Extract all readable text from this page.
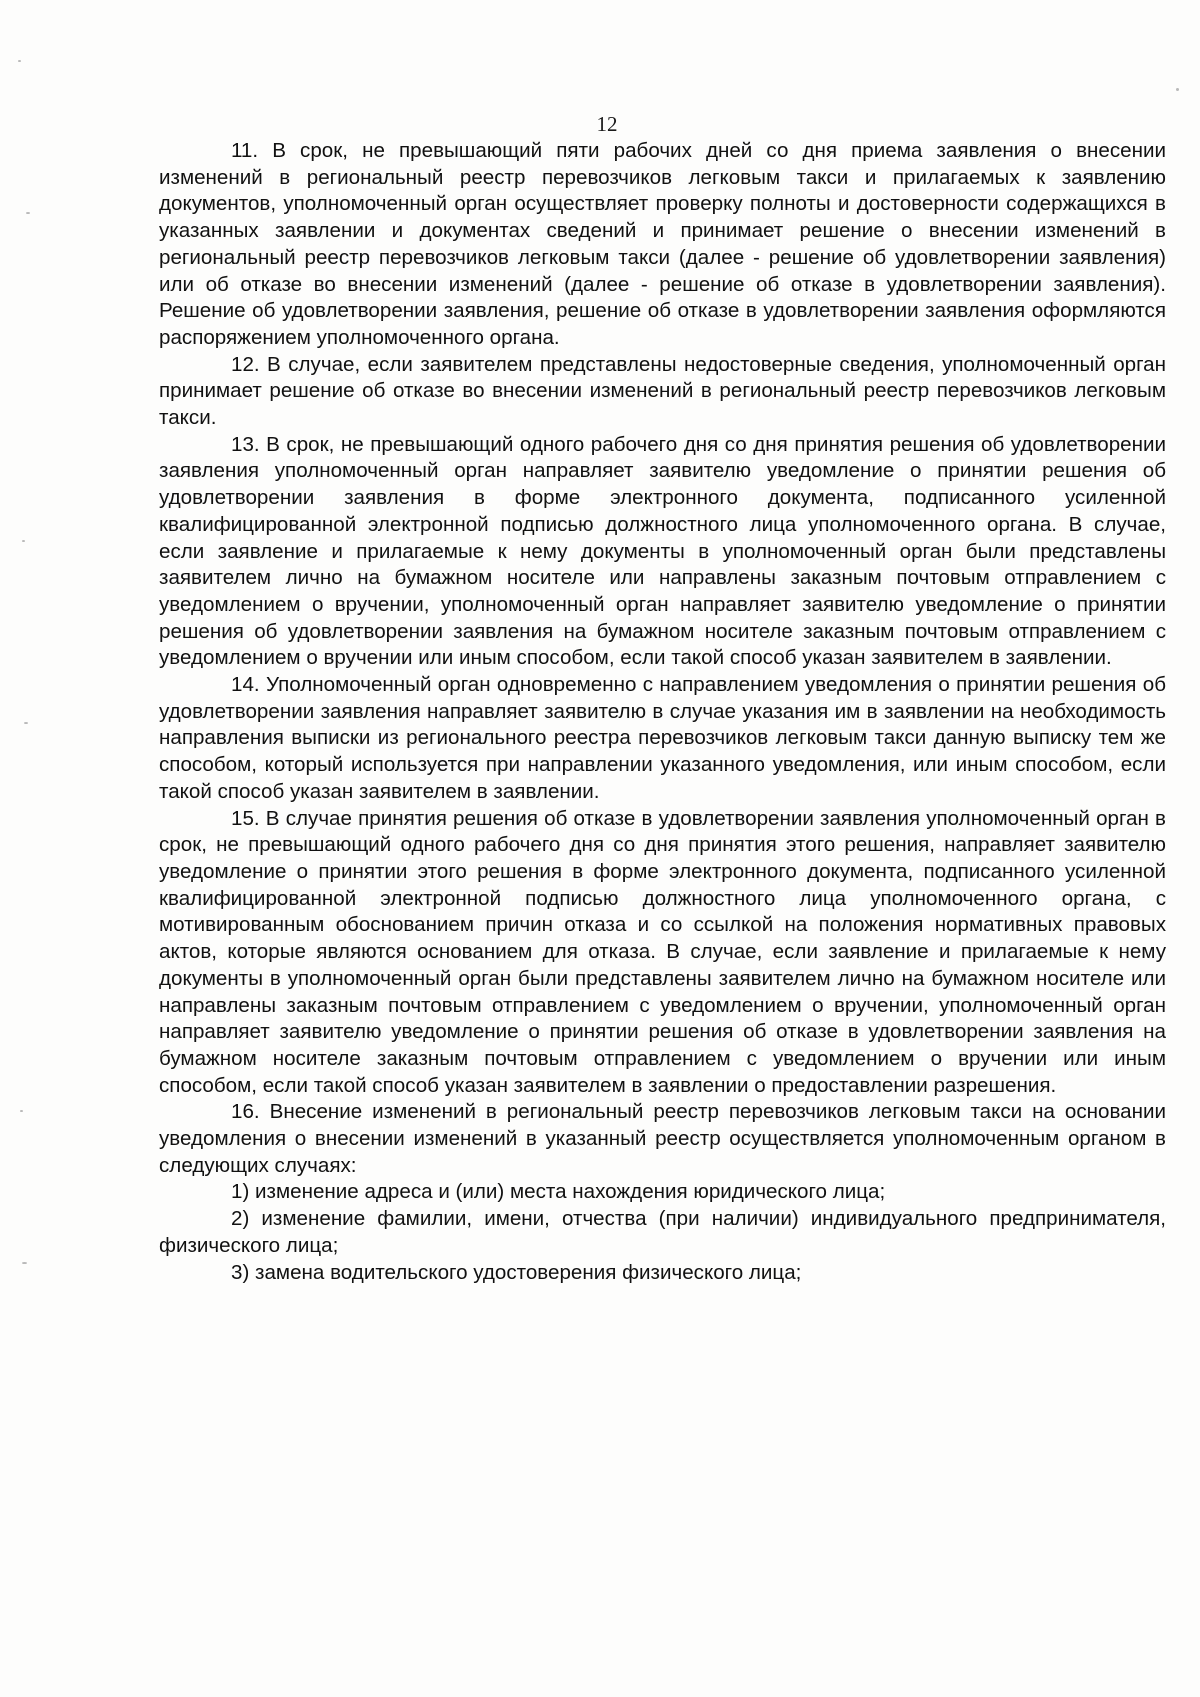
12

11. В срок, не превышающий пяти рабочих дней со дня приема заявления о внесении изменений в региональный реестр перевозчиков легковым такси и прилагаемых к заявлению документов, уполномоченный орган осуществляет проверку полноты и достоверности содержащихся в указанных заявлении и документах сведений и принимает решение о внесении изменений в региональный реестр перевозчиков легковым такси (далее - решение об удовлетворении заявления) или об отказе во внесении изменений (далее - решение об отказе в удовлетворении заявления). Решение об удовлетворении заявления, решение об отказе в удовлетворении заявления оформляются распоряжением уполномоченного органа.

12. В случае, если заявителем представлены недостоверные сведения, уполномоченный орган принимает решение об отказе во внесении изменений в региональный реестр перевозчиков легковым такси.

13. В срок, не превышающий одного рабочего дня со дня принятия решения об удовлетворении заявления уполномоченный орган направляет заявителю уведомление о принятии решения об удовлетворении заявления в форме электронного документа, подписанного усиленной квалифицированной электронной подписью должностного лица уполномоченного органа. В случае, если заявление и прилагаемые к нему документы в уполномоченный орган были представлены заявителем лично на бумажном носителе или направлены заказным почтовым отправлением с уведомлением о вручении, уполномоченный орган направляет заявителю уведомление о принятии решения об удовлетворении заявления на бумажном носителе заказным почтовым отправлением с уведомлением о вручении или иным способом, если такой способ указан заявителем в заявлении.

14. Уполномоченный орган одновременно с направлением уведомления о принятии решения об удовлетворении заявления направляет заявителю в случае указания им в заявлении на необходимость направления выписки из регионального реестра перевозчиков легковым такси данную выписку тем же способом, который используется при направлении указанного уведомления, или иным способом, если такой способ указан заявителем в заявлении.

15. В случае принятия решения об отказе в удовлетворении заявления уполномоченный орган в срок, не превышающий одного рабочего дня со дня принятия этого решения, направляет заявителю уведомление о принятии этого решения в форме электронного документа, подписанного усиленной квалифицированной электронной подписью должностного лица уполномоченного органа, с мотивированным обоснованием причин отказа и со ссылкой на положения нормативных правовых актов, которые являются основанием для отказа. В случае, если заявление и прилагаемые к нему документы в уполномоченный орган были представлены заявителем лично на бумажном носителе или направлены заказным почтовым отправлением с уведомлением о вручении, уполномоченный орган направляет заявителю уведомление о принятии решения об отказе в удовлетворении заявления на бумажном носителе заказным почтовым отправлением с уведомлением о вручении или иным способом, если такой способ указан заявителем в заявлении о предоставлении разрешения.

16. Внесение изменений в региональный реестр перевозчиков легковым такси на основании уведомления о внесении изменений в указанный реестр осуществляется уполномоченным органом в следующих случаях:

1) изменение адреса и (или) места нахождения юридического лица;

2) изменение фамилии, имени, отчества (при наличии) индивидуального предпринимателя, физического лица;

3) замена водительского удостоверения физического лица;
